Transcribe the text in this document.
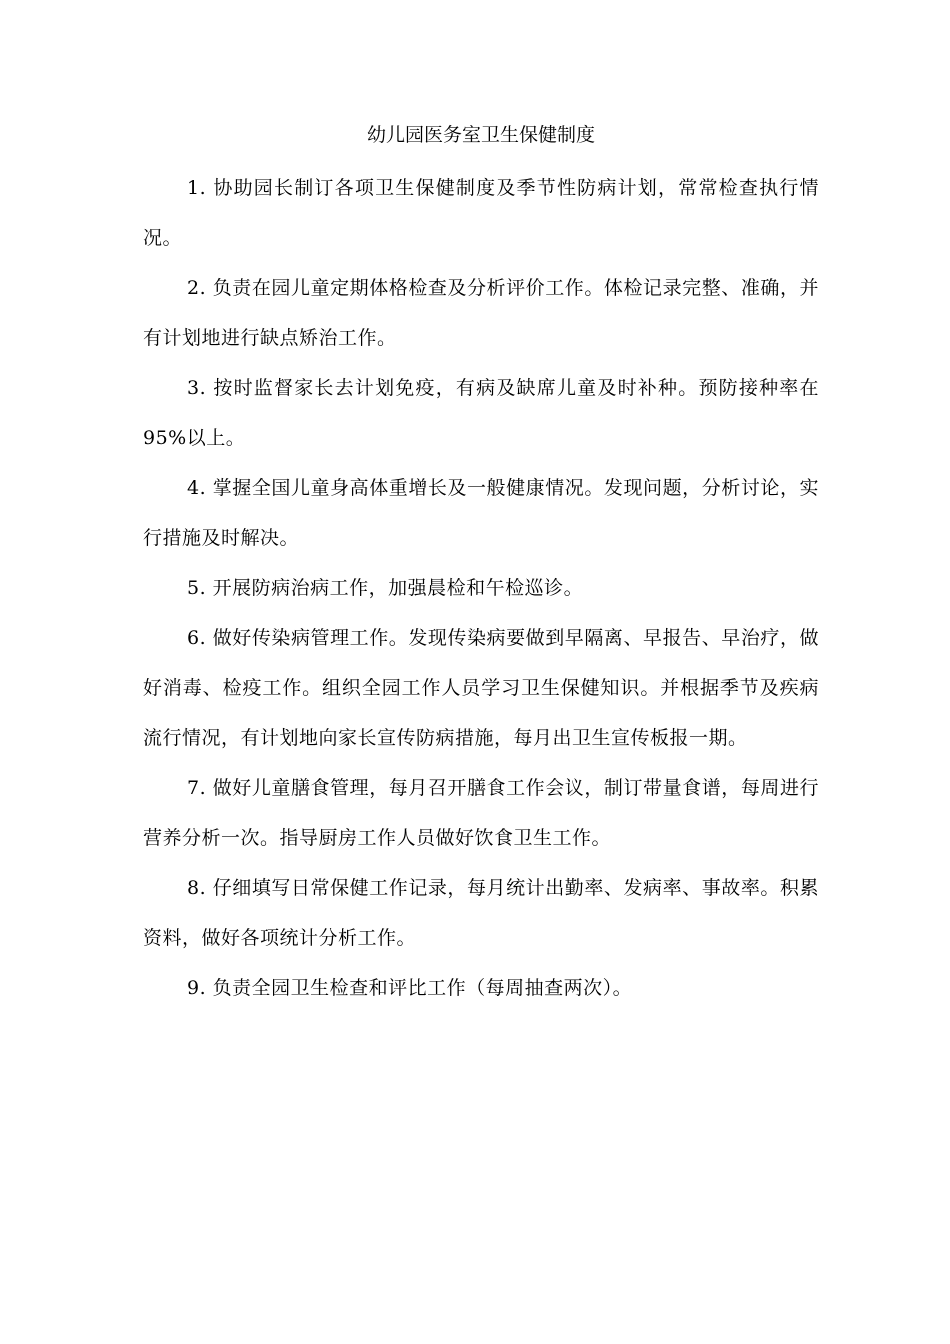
幼儿园医务室卫生保健制度

1. 协助园长制订各项卫生保健制度及季节性防病计划，常常检查执行情况。

2. 负责在园儿童定期体格检查及分析评价工作。体检记录完整、准确，并有计划地进行缺点矫治工作。

3. 按时监督家长去计划免疫，有病及缺席儿童及时补种。预防接种率在95%以上。

4. 掌握全国儿童身高体重增长及一般健康情况。发现问题，分析讨论，实行措施及时解决。

5. 开展防病治病工作，加强晨检和午检巡诊。

6. 做好传染病管理工作。发现传染病要做到早隔离、早报告、早治疗，做好消毒、检疫工作。组织全园工作人员学习卫生保健知识。并根据季节及疾病流行情况，有计划地向家长宣传防病措施，每月出卫生宣传板报一期。

7. 做好儿童膳食管理，每月召开膳食工作会议，制订带量食谱，每周进行营养分析一次。指导厨房工作人员做好饮食卫生工作。

8. 仔细填写日常保健工作记录，每月统计出勤率、发病率、事故率。积累资料，做好各项统计分析工作。

9. 负责全园卫生检查和评比工作（每周抽查两次）。
